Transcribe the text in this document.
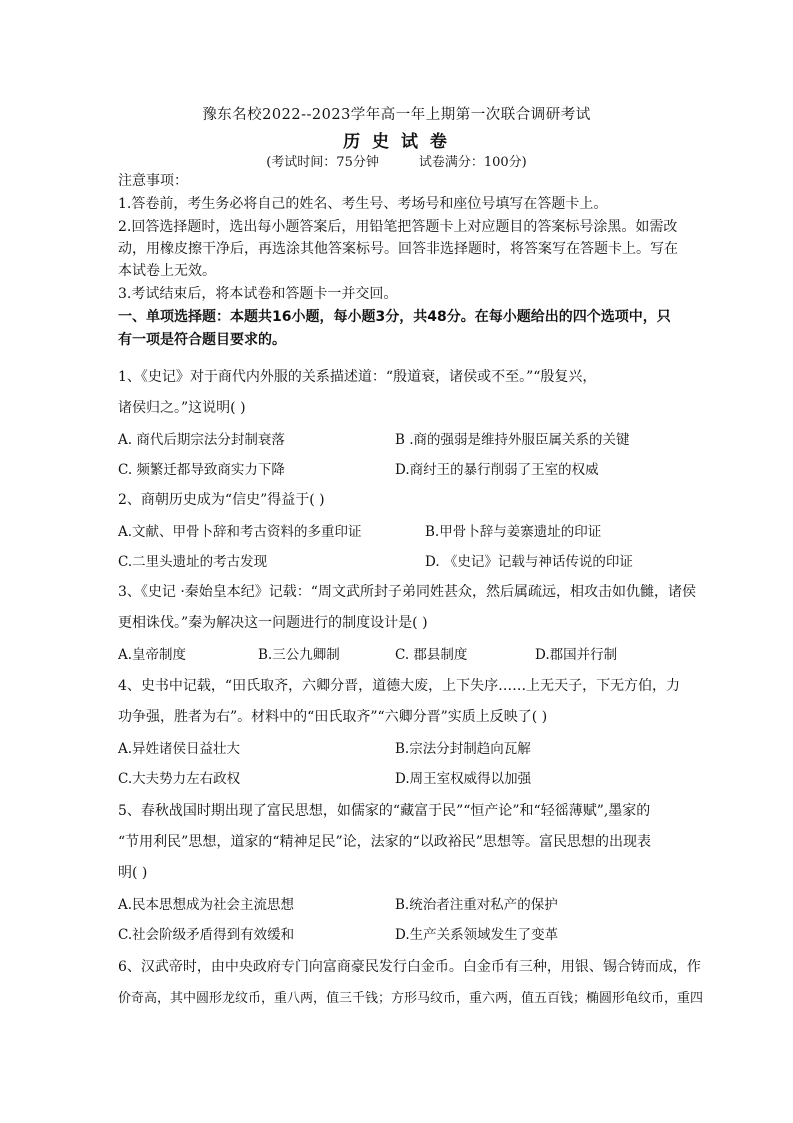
豫东名校2022--2023学年高一年上期第一次联合调研考试
历 史 试 卷
(考试时间：75分钟	试卷满分：100分)
注意事项：
1.答卷前，考生务必将自己的姓名、考生号、考场号和座位号填写在答题卡上。
2.回答选择题时，选出每小题答案后，用铅笔把答题卡上对应题目的答案标号涂黑。如需改
动，用橡皮擦干净后，再选涂其他答案标号。回答非选择题时，将答案写在答题卡上。写在
本试卷上无效。
3.考试结束后，将本试卷和答题卡一并交回。
一、单项选择题：本题共16小题，每小题3分，共48分。在每小题给出的四个选项中，只
有一项是符合题目要求的。
1、《史记》对于商代内外服的关系描述道：“殷道衰，诸侯或不至。”“殷复兴，
诸侯归之。”这说明( )
A. 商代后期宗法分封制衰落	B .商的强弱是维持外服臣属关系的关键
C. 频繁迁都导致商实力下降	D.商纣王的暴行削弱了王室的权威
2、商朝历史成为“信史”得益于( )
A.文献、甲骨卜辞和考古资料的多重印证	B.甲骨卜辞与姜寨遗址的印证
C.二里头遗址的考古发现	D. 《史记》记载与神话传说的印证
3、《史记 ·秦始皇本纪》记载：“周文武所封子弟同姓甚众，然后属疏远，相攻击如仇雠，诸侯
更相诛伐。”秦为解决这一问题进行的制度设计是( )
A.皇帝制度	B.三公九卿制	C. 郡县制度	D.郡国并行制
4、史书中记载，“田氏取齐，六卿分晋，道德大废，上下失序……上无天子，下无方伯，力
功争强，胜者为右”。材料中的“田氏取齐”“六卿分晋”实质上反映了( )
A.异姓诸侯日益壮大	B.宗法分封制趋向瓦解
C.大夫势力左右政权	D.周王室权威得以加强
5、春秋战国时期出现了富民思想，如儒家的“藏富于民”“恒产论”和“轻徭薄赋”,墨家的
“节用利民”思想，道家的“精神足民”论，法家的“以政裕民”思想等。富民思想的出现表
明( )
A.民本思想成为社会主流思想	B.统治者注重对私产的保护
C.社会阶级矛盾得到有效缓和	D.生产关系领域发生了变革
6、汉武帝时，由中央政府专门向富商豪民发行白金币。白金币有三种，用银、锡合铸而成，作
价奇高，其中圆形龙纹币，重八两，值三千钱；方形马纹币，重六两，值五百钱；椭圆形龟纹币，重四
